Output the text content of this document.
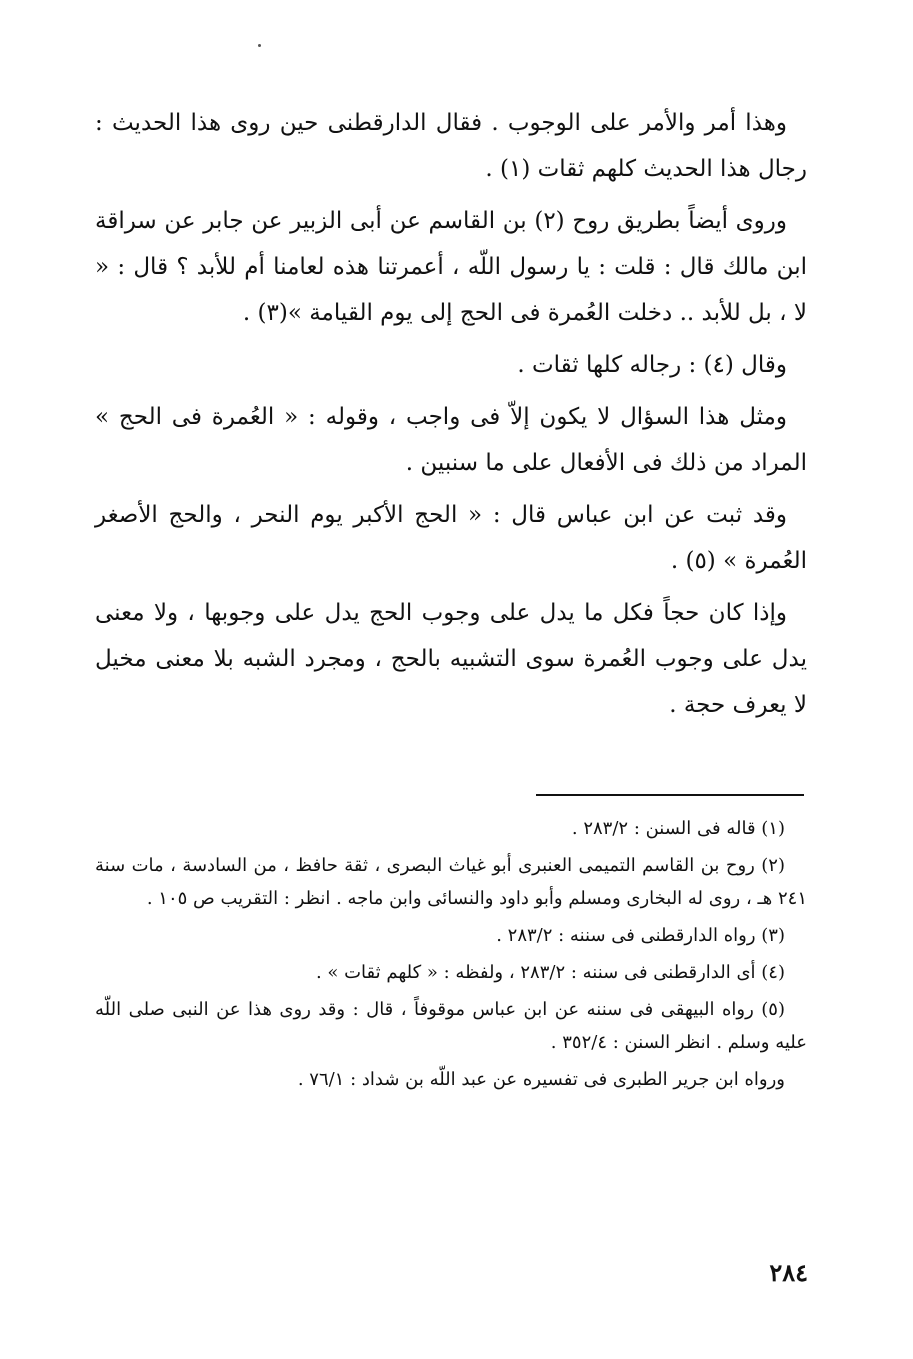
وهذا أمر والأمر على الوجوب . فقال الدارقطنى حين روى هذا الحديث : رجال هذا الحديث كلهم ثقات (١) .

وروى أيضاً بطريق روح (٢) بن القاسم عن أبى الزبير عن جابر عن سراقة ابن مالك قال : قلت : يا رسول اللّه ، أعمرتنا هذه لعامنا أم للأبد ؟ قال : « لا ، بل للأبد .. دخلت العُمرة فى الحج إلى يوم القيامة »(٣) .

وقال (٤) : رجاله كلها ثقات .

ومثل هذا السؤال لا يكون إلاّ فى واجب ، وقوله : « العُمرة فى الحج » المراد من ذلك فى الأفعال على ما سنبين .

وقد ثبت عن ابن عباس قال : « الحج الأكبر يوم النحر ، والحج الأصغر العُمرة » (٥) .

وإذا كان حجاً فكل ما يدل على وجوب الحج يدل على وجوبها ، ولا معنى يدل على وجوب العُمرة سوى التشبيه بالحج ، ومجرد الشبه بلا معنى مخيل لا يعرف حجة .

(١) قاله فى السنن : ٢٨٣/٢ .

(٢) روح بن القاسم التميمى العنبرى أبو غياث البصرى ، ثقة حافظ ، من السادسة ، مات سنة ٢٤١ هـ ، روى له البخارى ومسلم وأبو داود والنسائى وابن ماجه . انظر : التقريب ص ١٠٥ .

(٣) رواه الدارقطنى فى سننه : ٢٨٣/٢ .

(٤) أى الدارقطنى فى سننه : ٢٨٣/٢ ، ولفظه : « كلهم ثقات » .

(٥) رواه البيهقى فى سننه عن ابن عباس موقوفاً ، قال : وقد روى هذا عن النبى صلى اللّه عليه وسلم . انظر السنن : ٣٥٢/٤ .

ورواه ابن جرير الطبرى فى تفسيره عن عبد اللّه بن شداد : ٧٦/١ .

٢٨٤
